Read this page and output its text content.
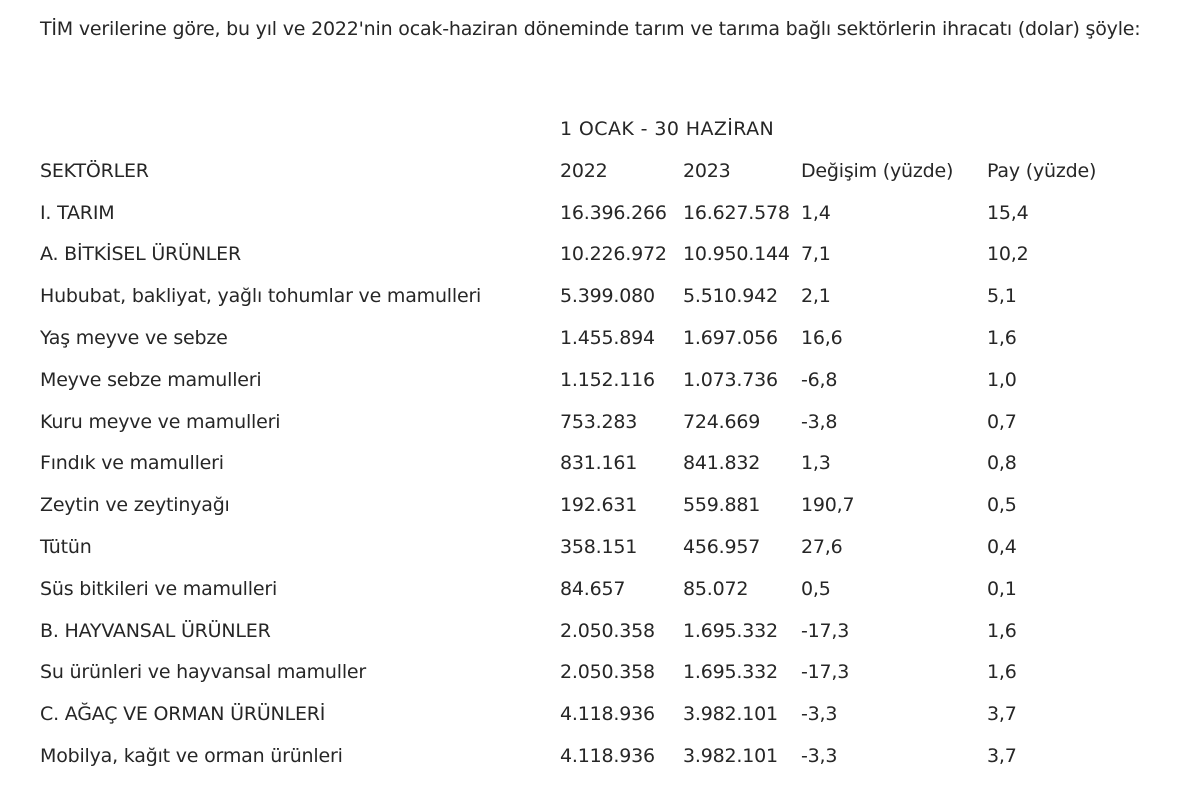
TİM verilerine göre, bu yıl ve 2022'nin ocak-haziran döneminde tarım ve tarıma bağlı sektörlerin ihracatı (dolar) şöyle:

1 OCAK - 30 HAZİRAN
SEKTÖRLER	2022	2023	Değişim (yüzde)	Pay (yüzde)
I. TARIM	16.396.266	16.627.578	1,4	15,4
A. BİTKİSEL ÜRÜNLER	10.226.972	10.950.144	7,1	10,2
Hububat, bakliyat, yağlı tohumlar ve mamulleri	5.399.080	5.510.942	2,1	5,1
Yaş meyve ve sebze	1.455.894	1.697.056	16,6	1,6
Meyve sebze mamulleri	1.152.116	1.073.736	-6,8	1,0
Kuru meyve ve mamulleri	753.283	724.669	-3,8	0,7
Fındık ve mamulleri	831.161	841.832	1,3	0,8
Zeytin ve zeytinyağı	192.631	559.881	190,7	0,5
Tütün	358.151	456.957	27,6	0,4
Süs bitkileri ve mamulleri	84.657	85.072	0,5	0,1
B. HAYVANSAL ÜRÜNLER	2.050.358	1.695.332	-17,3	1,6
Su ürünleri ve hayvansal mamuller	2.050.358	1.695.332	-17,3	1,6
C. AĞAÇ VE ORMAN ÜRÜNLERİ	4.118.936	3.982.101	-3,3	3,7
Mobilya, kağıt ve orman ürünleri	4.118.936	3.982.101	-3,3	3,7
